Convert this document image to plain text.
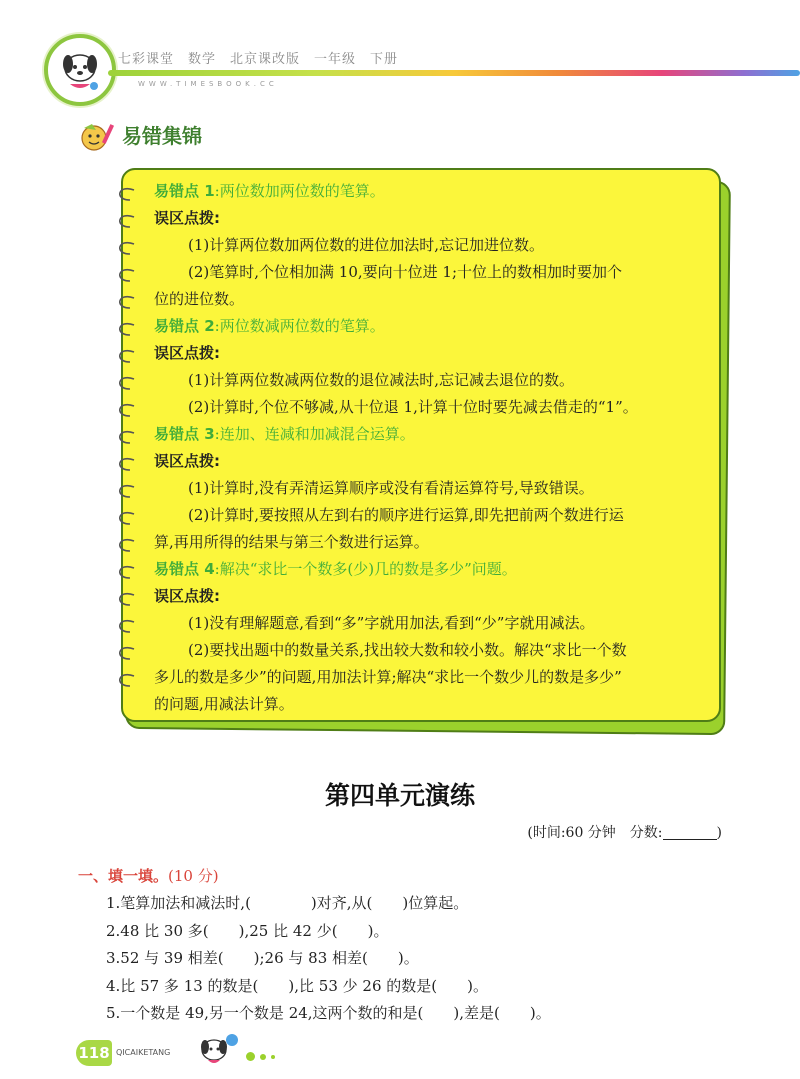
七彩课堂　数学　北京课改版　一年级　下册
WWW.TIMESBOOK.CC
易错集锦

易错点 1:两位数加两位数的笔算。

误区点拨:

(1)计算两位数加两位数的进位加法时,忘记加进位数。

(2)笔算时,个位相加满 10,要向十位进 1;十位上的数相加时要加个

位的进位数。

易错点 2:两位数减两位数的笔算。

误区点拨:

(1)计算两位数减两位数的退位减法时,忘记减去退位的数。

(2)计算时,个位不够减,从十位退 1,计算十位时要先减去借走的“1”。

易错点 3:连加、连减和加减混合运算。

误区点拨:

(1)计算时,没有弄清运算顺序或没有看清运算符号,导致错误。

(2)计算时,要按照从左到右的顺序进行运算,即先把前两个数进行运

算,再用所得的结果与第三个数进行运算。

易错点 4:解决“求比一个数多(少)几的数是多少”问题。

误区点拨:

(1)没有理解题意,看到“多”字就用加法,看到“少”字就用减法。

(2)要找出题中的数量关系,找出较大数和较小数。解决“求比一个数

多儿的数是多少”的问题,用加法计算;解决“求比一个数少儿的数是多少”

的问题,用减法计算。

第四单元演练
(时间:60 分钟　分数:	)
一、填一填。(10 分)

1.笔算加法和减法时,(　　　　)对齐,从(　　)位算起。

2.48 比 30 多(　　),25 比 42 少(　　)。

3.52 与 39 相差(　　);26 与 83 相差(　　)。

4.比 57 多 13 的数是(　　),比 53 少 26 的数是(　　)。

5.一个数是 49,另一个数是 24,这两个数的和是(　　),差是(　　)。

118 QICAIKETANG
